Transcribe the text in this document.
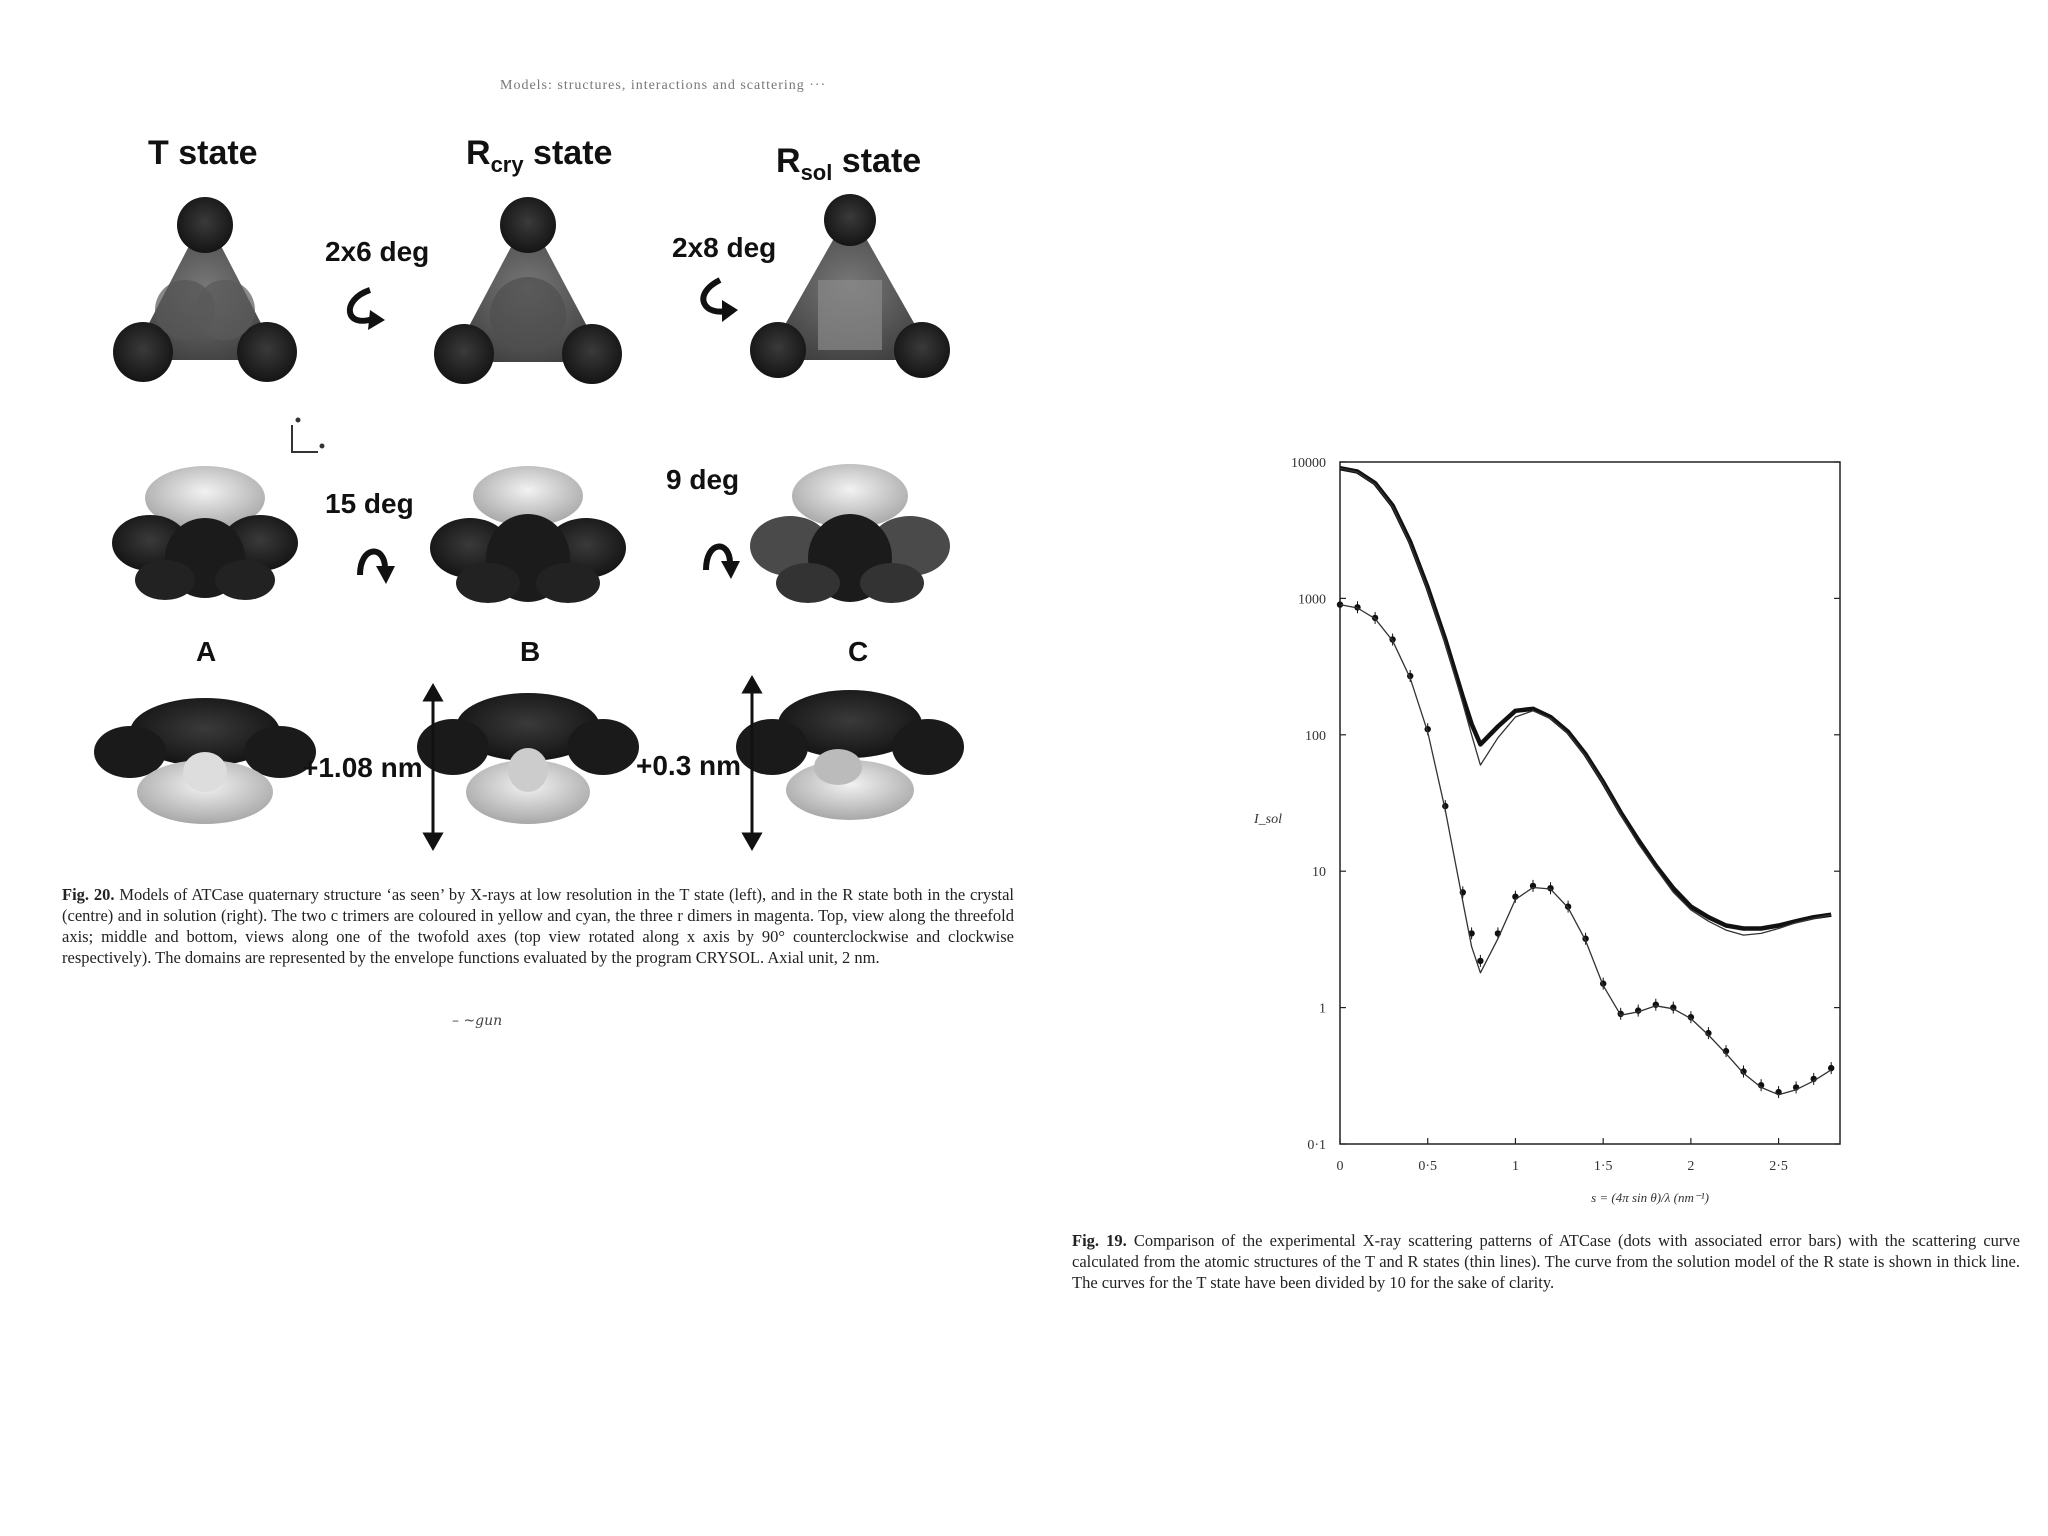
Models: structures, interactions and scattering ···
T state	$R_{cry}$ state	$R_{sol}$ state
2x6 deg	2x8 deg
15 deg
9 deg
A	B	C
+1.08 nm	+0.3 nm
Fig. 20. Models of ATCase quaternary structure ‘as seen’ by X-rays at low resolution in the T state (left), and in the R state both in the crystal (centre) and in solution (right). The two c trimers are coloured in yellow and cyan, the three r dimers in magenta. Top, view along the threefold axis; middle and bottom, views along one of the twofold axes (top view rotated along x axis by 90° counterclockwise and clockwise respectively). The domains are represented by the envelope functions evaluated by the program CRYSOL. Axial unit, 2 nm.
– ~gun
10000
1000
100
10
1
0·1
0	0·5	1	1·5	2	2·5
s = (4π sin θ)/λ (nm⁻¹)
I_sol
Fig. 19. Comparison of the experimental X-ray scattering patterns of ATCase (dots with associated error bars) with the scattering curve calculated from the atomic structures of the T and R states (thin lines). The curve from the solution model of the R state is shown in thick line. The curves for the T state have been divided by 10 for the sake of clarity.
